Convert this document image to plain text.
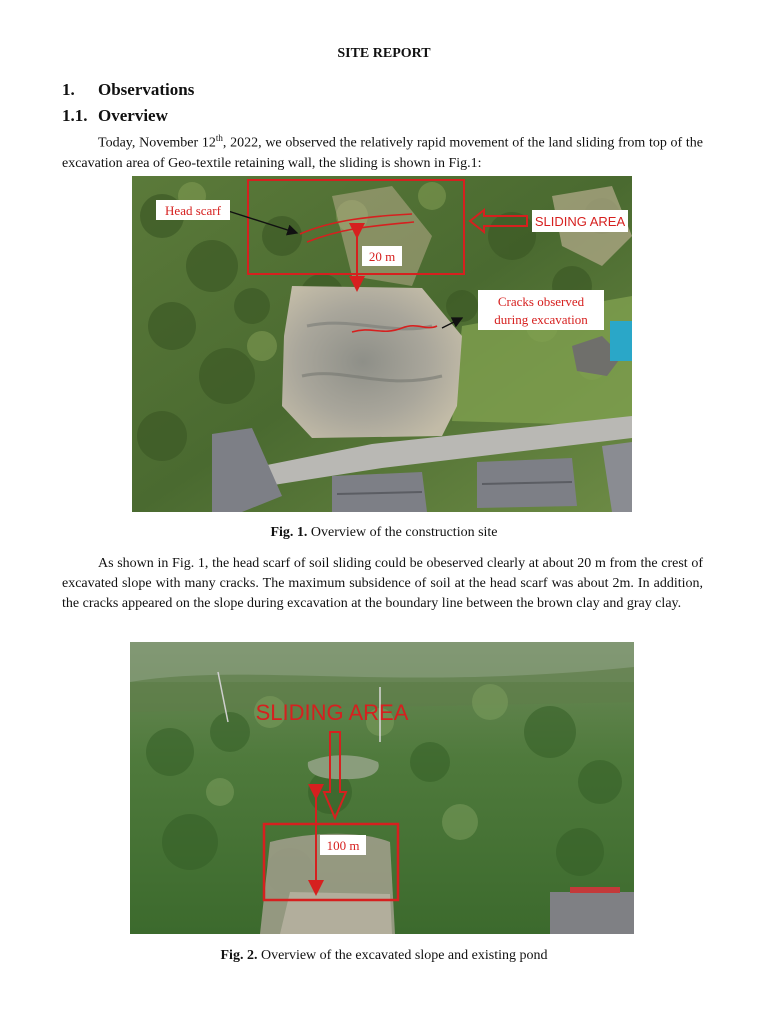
SITE REPORT
1. Observations
1.1. Overview

Today, November 12th, 2022, we observed the relatively rapid movement of the land sliding from top of the excavation area of Geo-textile retaining wall, the sliding is shown in Fig.1:

Head scarf
SLIDING AREA
20 m
Cracks observed
during excavation
Fig. 1. Overview of the construction site

As shown in Fig. 1, the head scarf of soil sliding could be obeserved clearly at about 20 m from the crest of excavated slope with many cracks. The maximum subsidence of soil at the head scarf was about 2m. In addition, the cracks appeared on the slope during excavation at the boundary line between the brown clay and gray clay.

SLIDING AREA
100 m
Fig. 2. Overview of the excavated slope and existing pond
